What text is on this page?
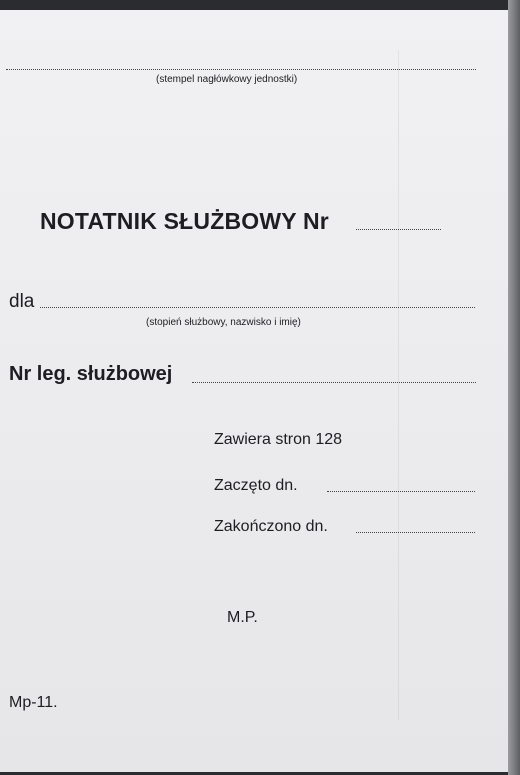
(stempel nagłówkowy jednostki)
NOTATNIK SŁUŻBOWY Nr
dla
(stopień służbowy, nazwisko i imię)
Nr leg. służbowej
Zawiera stron 128
Zaczęto dn.
Zakończono dn.
M.P.
Mp-11.
